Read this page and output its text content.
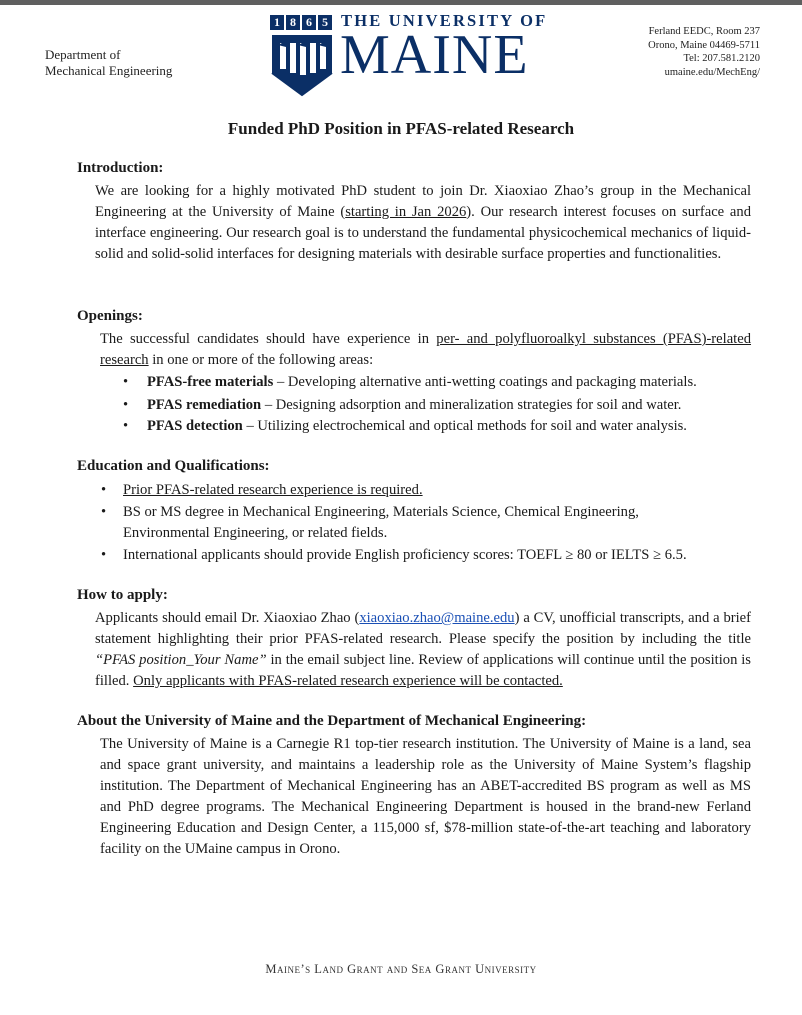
Department of
Mechanical Engineering
1 8 6 5 THE UNIVERSITY OF
MAINE	Ferland EEDC, Room 237
Orono, Maine 04469-5711
Tel: 207.581.2120
umaine.edu/MechEng/
Funded PhD Position in PFAS-related Research
Introduction:
We are looking for a highly motivated PhD student to join Dr. Xiaoxiao Zhao’s group in the Mechanical Engineering at the University of Maine (starting in Jan 2026). Our research interest focuses on surface and interface engineering. Our research goal is to understand the fundamental physicochemical mechanics of liquid-solid and solid-solid interfaces for designing materials with desirable surface properties and functionalities.
Openings:
The successful candidates should have experience in per- and polyfluoroalkyl substances (PFAS)-related research in one or more of the following areas:
• PFAS-free materials – Developing alternative anti-wetting coatings and packaging materials.
• PFAS remediation – Designing adsorption and mineralization strategies for soil and water.
• PFAS detection – Utilizing electrochemical and optical methods for soil and water analysis.
Education and Qualifications:
• Prior PFAS-related research experience is required.
• BS or MS degree in Mechanical Engineering, Materials Science, Chemical Engineering,
Environmental Engineering, or related fields.
• International applicants should provide English proficiency scores: TOEFL ≥ 80 or IELTS ≥ 6.5.
How to apply:
Applicants should email Dr. Xiaoxiao Zhao (xiaoxiao.zhao@maine.edu) a CV, unofficial transcripts, and a brief statement highlighting their prior PFAS-related research. Please specify the position by including the title “PFAS position_Your Name” in the email subject line. Review of applications will continue until the position is filled. Only applicants with PFAS-related research experience will be contacted.
About the University of Maine and the Department of Mechanical Engineering:
The University of Maine is a Carnegie R1 top-tier research institution. The University of Maine is a land, sea and space grant university, and maintains a leadership role as the University of Maine System’s flagship institution. The Department of Mechanical Engineering has an ABET-accredited BS program as well as MS and PhD degree programs. The Mechanical Engineering Department is housed in the brand-new Ferland Engineering Education and Design Center, a 115,000 sf, $78-million state-of-the-art teaching and laboratory facility on the UMaine campus in Orono.
Maine’s Land Grant and Sea Grant University
